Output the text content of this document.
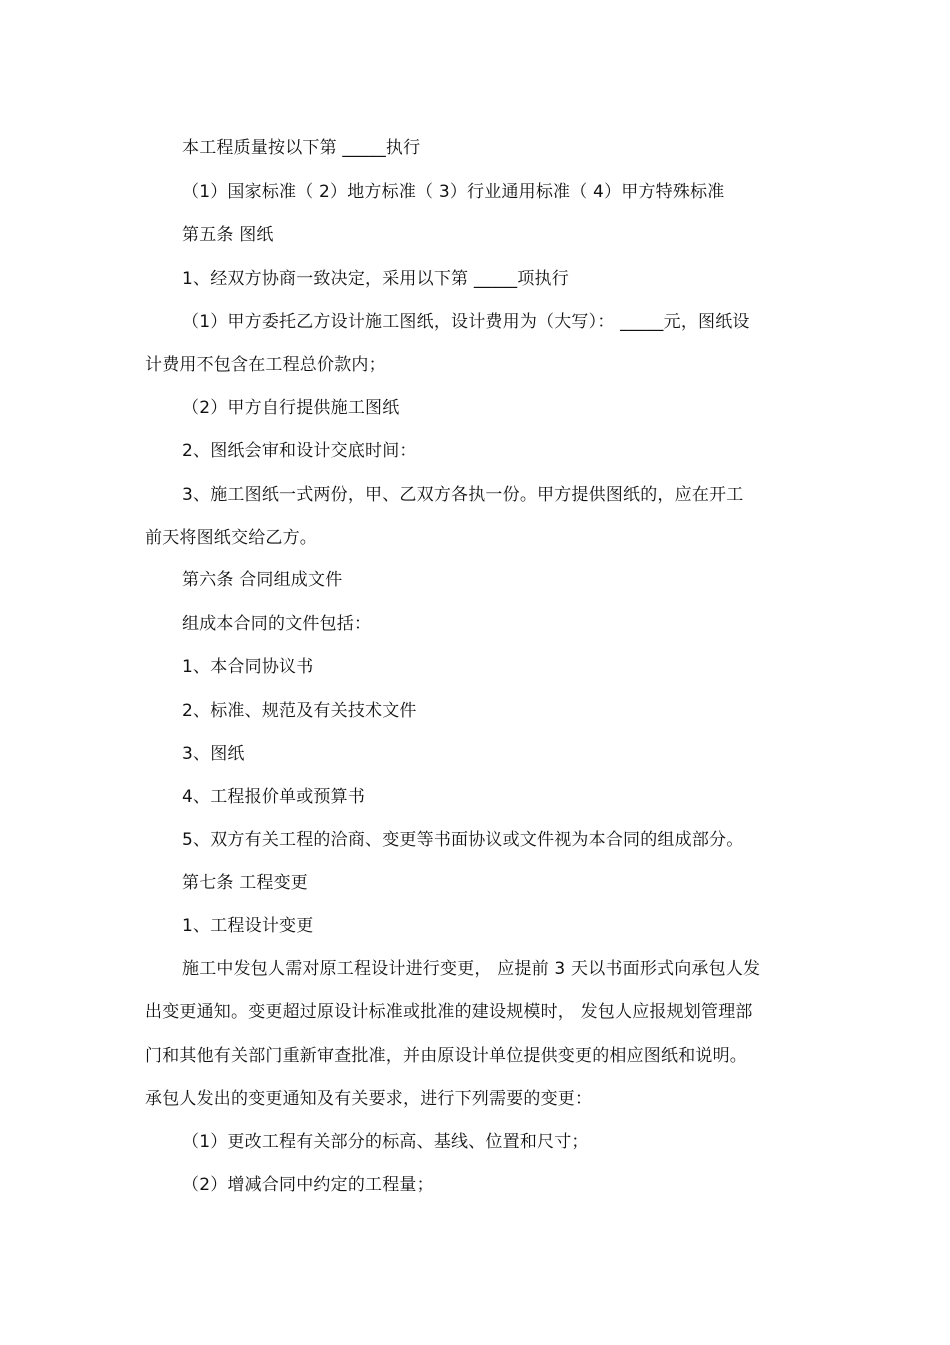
本工程质量按以下第 _____执行
（1）国家标准（ 2）地方标准（ 3）行业通用标准（ 4）甲方特殊标准
第五条 图纸
1、经双方协商一致决定，采用以下第 _____项执行
（1）甲方委托乙方设计施工图纸，设计费用为（大写）： _____元，图纸设
计费用不包含在工程总价款内；
（2）甲方自行提供施工图纸
2、图纸会审和设计交底时间：
3、施工图纸一式两份，甲、乙双方各执一份。甲方提供图纸的，应在开工
前天将图纸交给乙方。
第六条 合同组成文件
组成本合同的文件包括：
1、本合同协议书
2、标准、规范及有关技术文件
3、图纸
4、工程报价单或预算书
5、双方有关工程的洽商、变更等书面协议或文件视为本合同的组成部分。
第七条 工程变更
1、工程设计变更
施工中发包人需对原工程设计进行变更， 应提前 3 天以书面形式向承包人发
出变更通知。变更超过原设计标准或批准的建设规模时， 发包人应报规划管理部
门和其他有关部门重新审查批准，并由原设计单位提供变更的相应图纸和说明。
承包人发出的变更通知及有关要求，进行下列需要的变更：
（1）更改工程有关部分的标高、基线、位置和尺寸；
（2）增减合同中约定的工程量；
